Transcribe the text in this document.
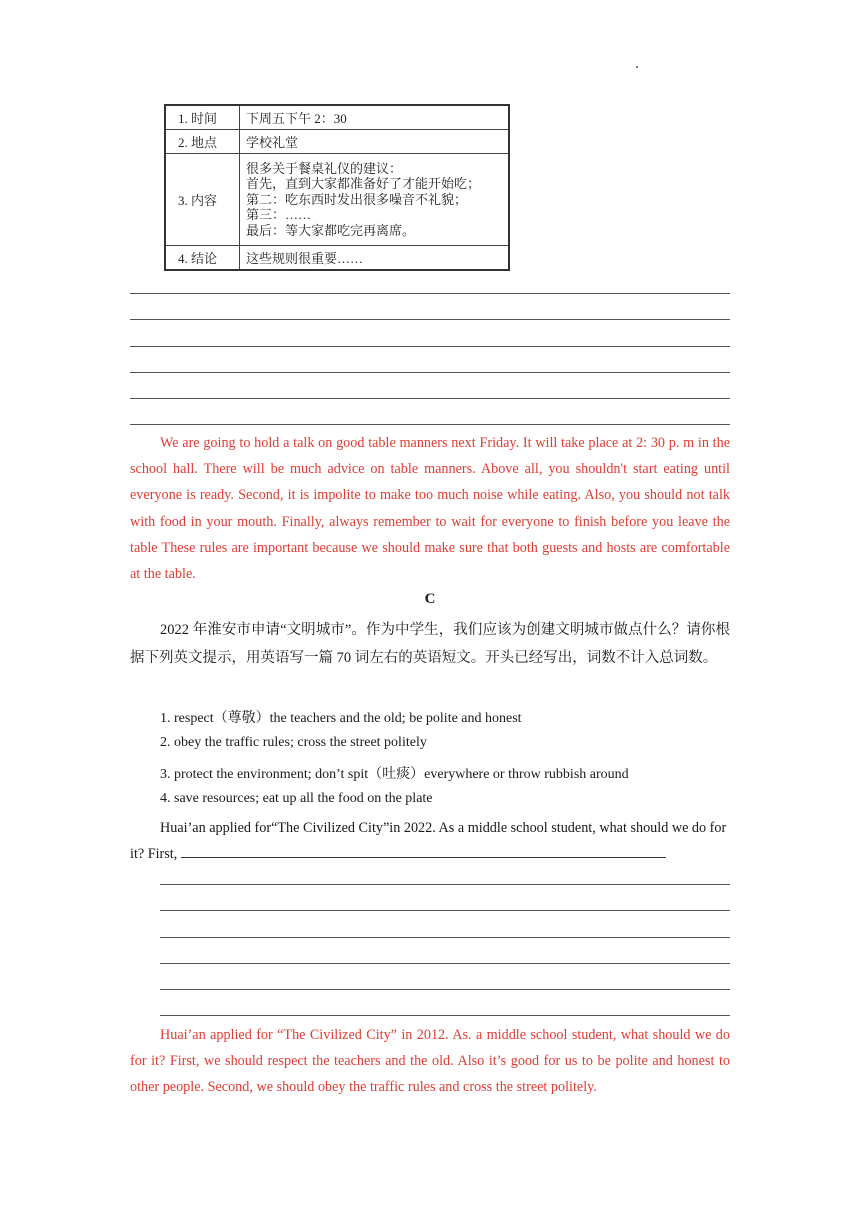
1. 时间	下周五下午 2：30

2. 地点	学校礼堂

3. 内容	很多关于餐桌礼仪的建议：
首先，直到大家都准备好了才能开始吃；
第二：吃东西时发出很多噪音不礼貌；
第三：……
最后：等大家都吃完再离席。

4. 结论	这些规则很重要……

We are going to hold a talk on good table manners next Friday. It will take place at 2: 30 p. m in the school hall. There will be much advice on table manners. Above all, you shouldn't start eating until everyone is ready. Second, it is impolite to make too much noise while eating. Also, you should not talk with food in your mouth. Finally, always remember to wait for everyone to finish before you leave the table These rules are important because we should make sure that both guests and hosts are comfortable at the table.

C

2022 年淮安市申请“文明城市”。作为中学生，我们应该为创建文明城市做点什么？请你根据下列英文提示，用英语写一篇 70 词左右的英语短文。开头已经写出，词数不计入总词数。

1. respect（尊敬）the teachers and the old; be polite and honest
2. obey the traffic rules; cross the street politely
3. protect the environment; don’t spit（吐痰）everywhere or throw rubbish around
4. save resources; eat up all the food on the plate

Huai’an applied for“The Civilized City”in 2022. As a middle school student, what should we do for it? First,

Huai’an applied for “The Civilized City” in 2012. As. a middle school student, what should we do for it? First, we should respect the teachers and the old. Also it’s good for us to be polite and honest to other people. Second, we should obey the traffic rules and cross the street politely.
